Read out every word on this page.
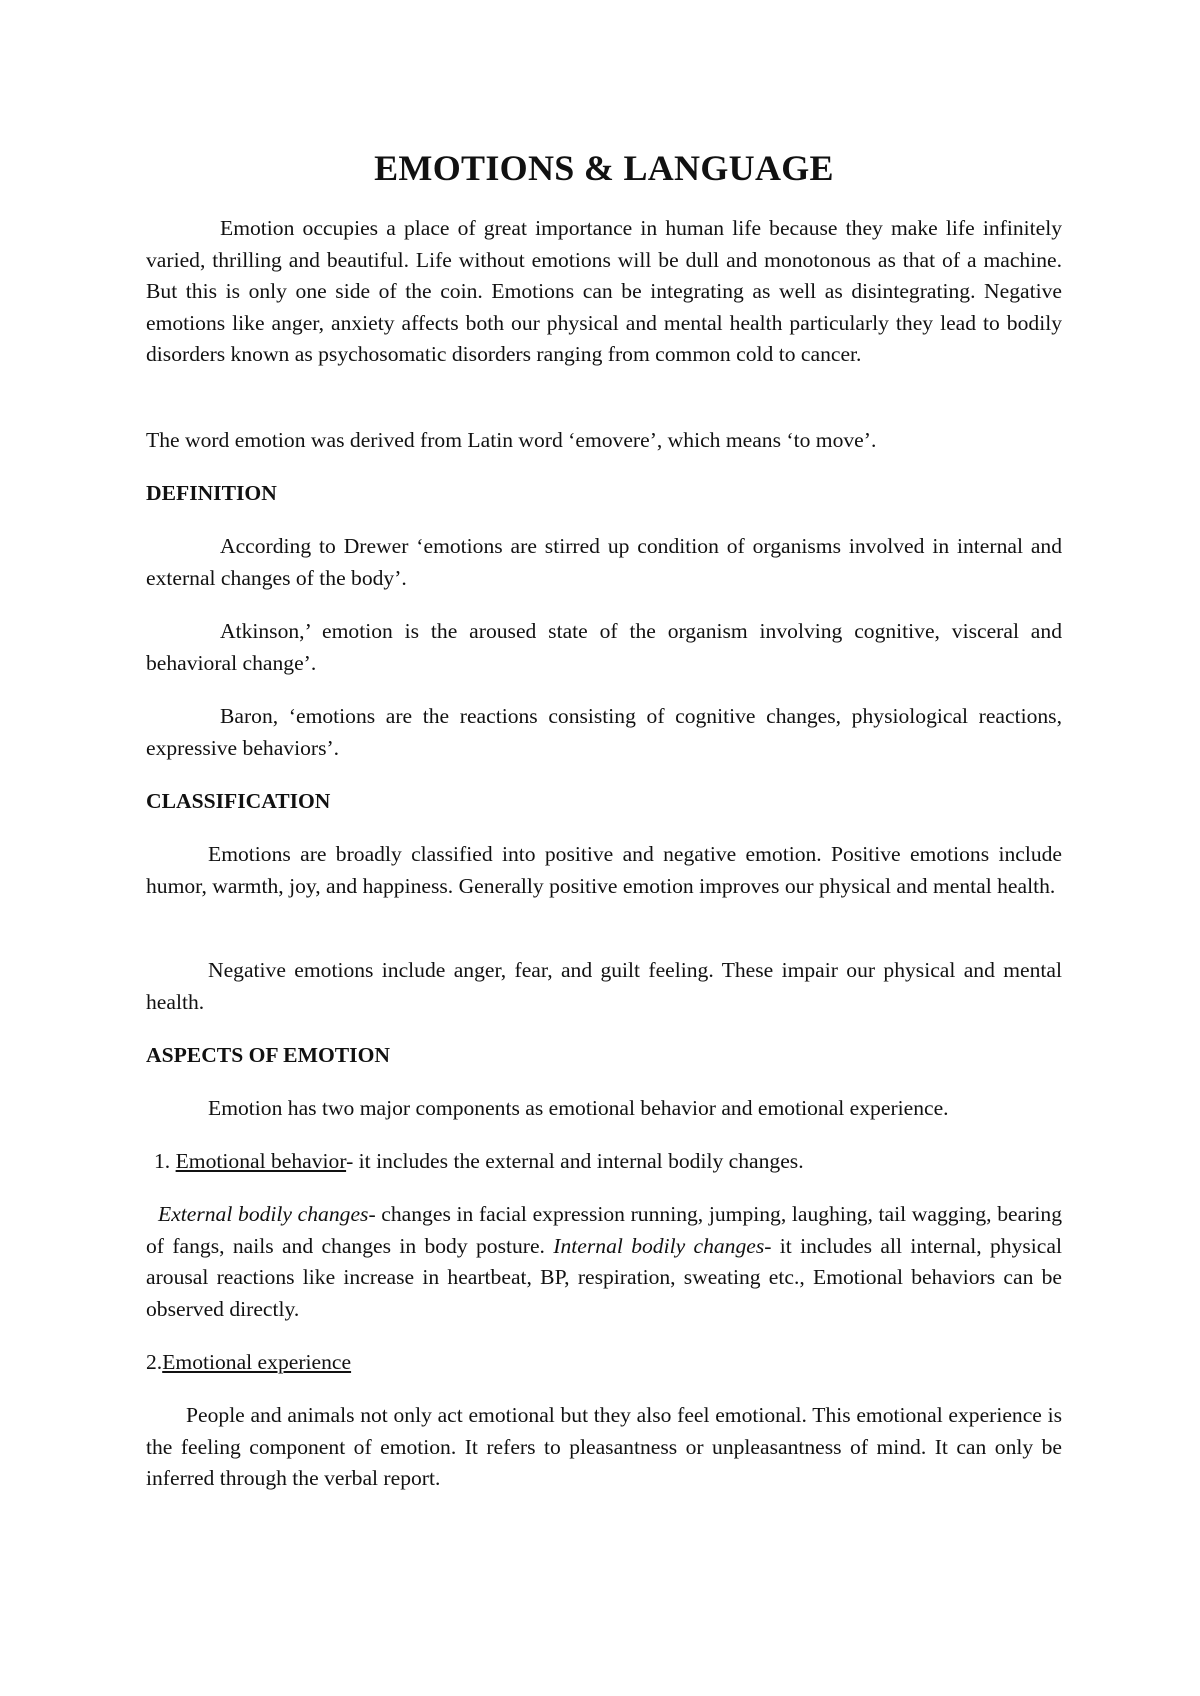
EMOTIONS & LANGUAGE

Emotion occupies a place of great importance in human life because they make life infinitely varied, thrilling and beautiful. Life without emotions will be dull and monotonous as that of a machine. But this is only one side of the coin. Emotions can be integrating as well as disintegrating. Negative emotions like anger, anxiety affects both our physical and mental health particularly they lead to bodily disorders known as psychosomatic disorders ranging from common cold to cancer.

The word emotion was derived from Latin word ‘emovere’, which means ‘to move’.

DEFINITION

According to Drewer ‘emotions are stirred up condition of organisms involved in internal and external changes of the body’.

Atkinson,’ emotion is the aroused state of the organism involving cognitive, visceral and behavioral change’.

Baron, ‘emotions are the reactions consisting of cognitive changes, physiological reactions, expressive behaviors’.

CLASSIFICATION

Emotions are broadly classified into positive and negative emotion. Positive emotions include humor, warmth, joy, and happiness. Generally positive emotion improves our physical and mental health.

Negative emotions include anger, fear, and guilt feeling. These impair our physical and mental health.

ASPECTS OF EMOTION

Emotion has two major components as emotional behavior and emotional experience.

1. Emotional behavior- it includes the external and internal bodily changes.

External bodily changes- changes in facial expression running, jumping, laughing, tail wagging, bearing of fangs, nails and changes in body posture. Internal bodily changes- it includes all internal, physical arousal reactions like increase in heartbeat, BP, respiration, sweating etc., Emotional behaviors can be observed directly.

2.Emotional experience

People and animals not only act emotional but they also feel emotional. This emotional experience is the feeling component of emotion. It refers to pleasantness or unpleasantness of mind. It can only be inferred through the verbal report.
